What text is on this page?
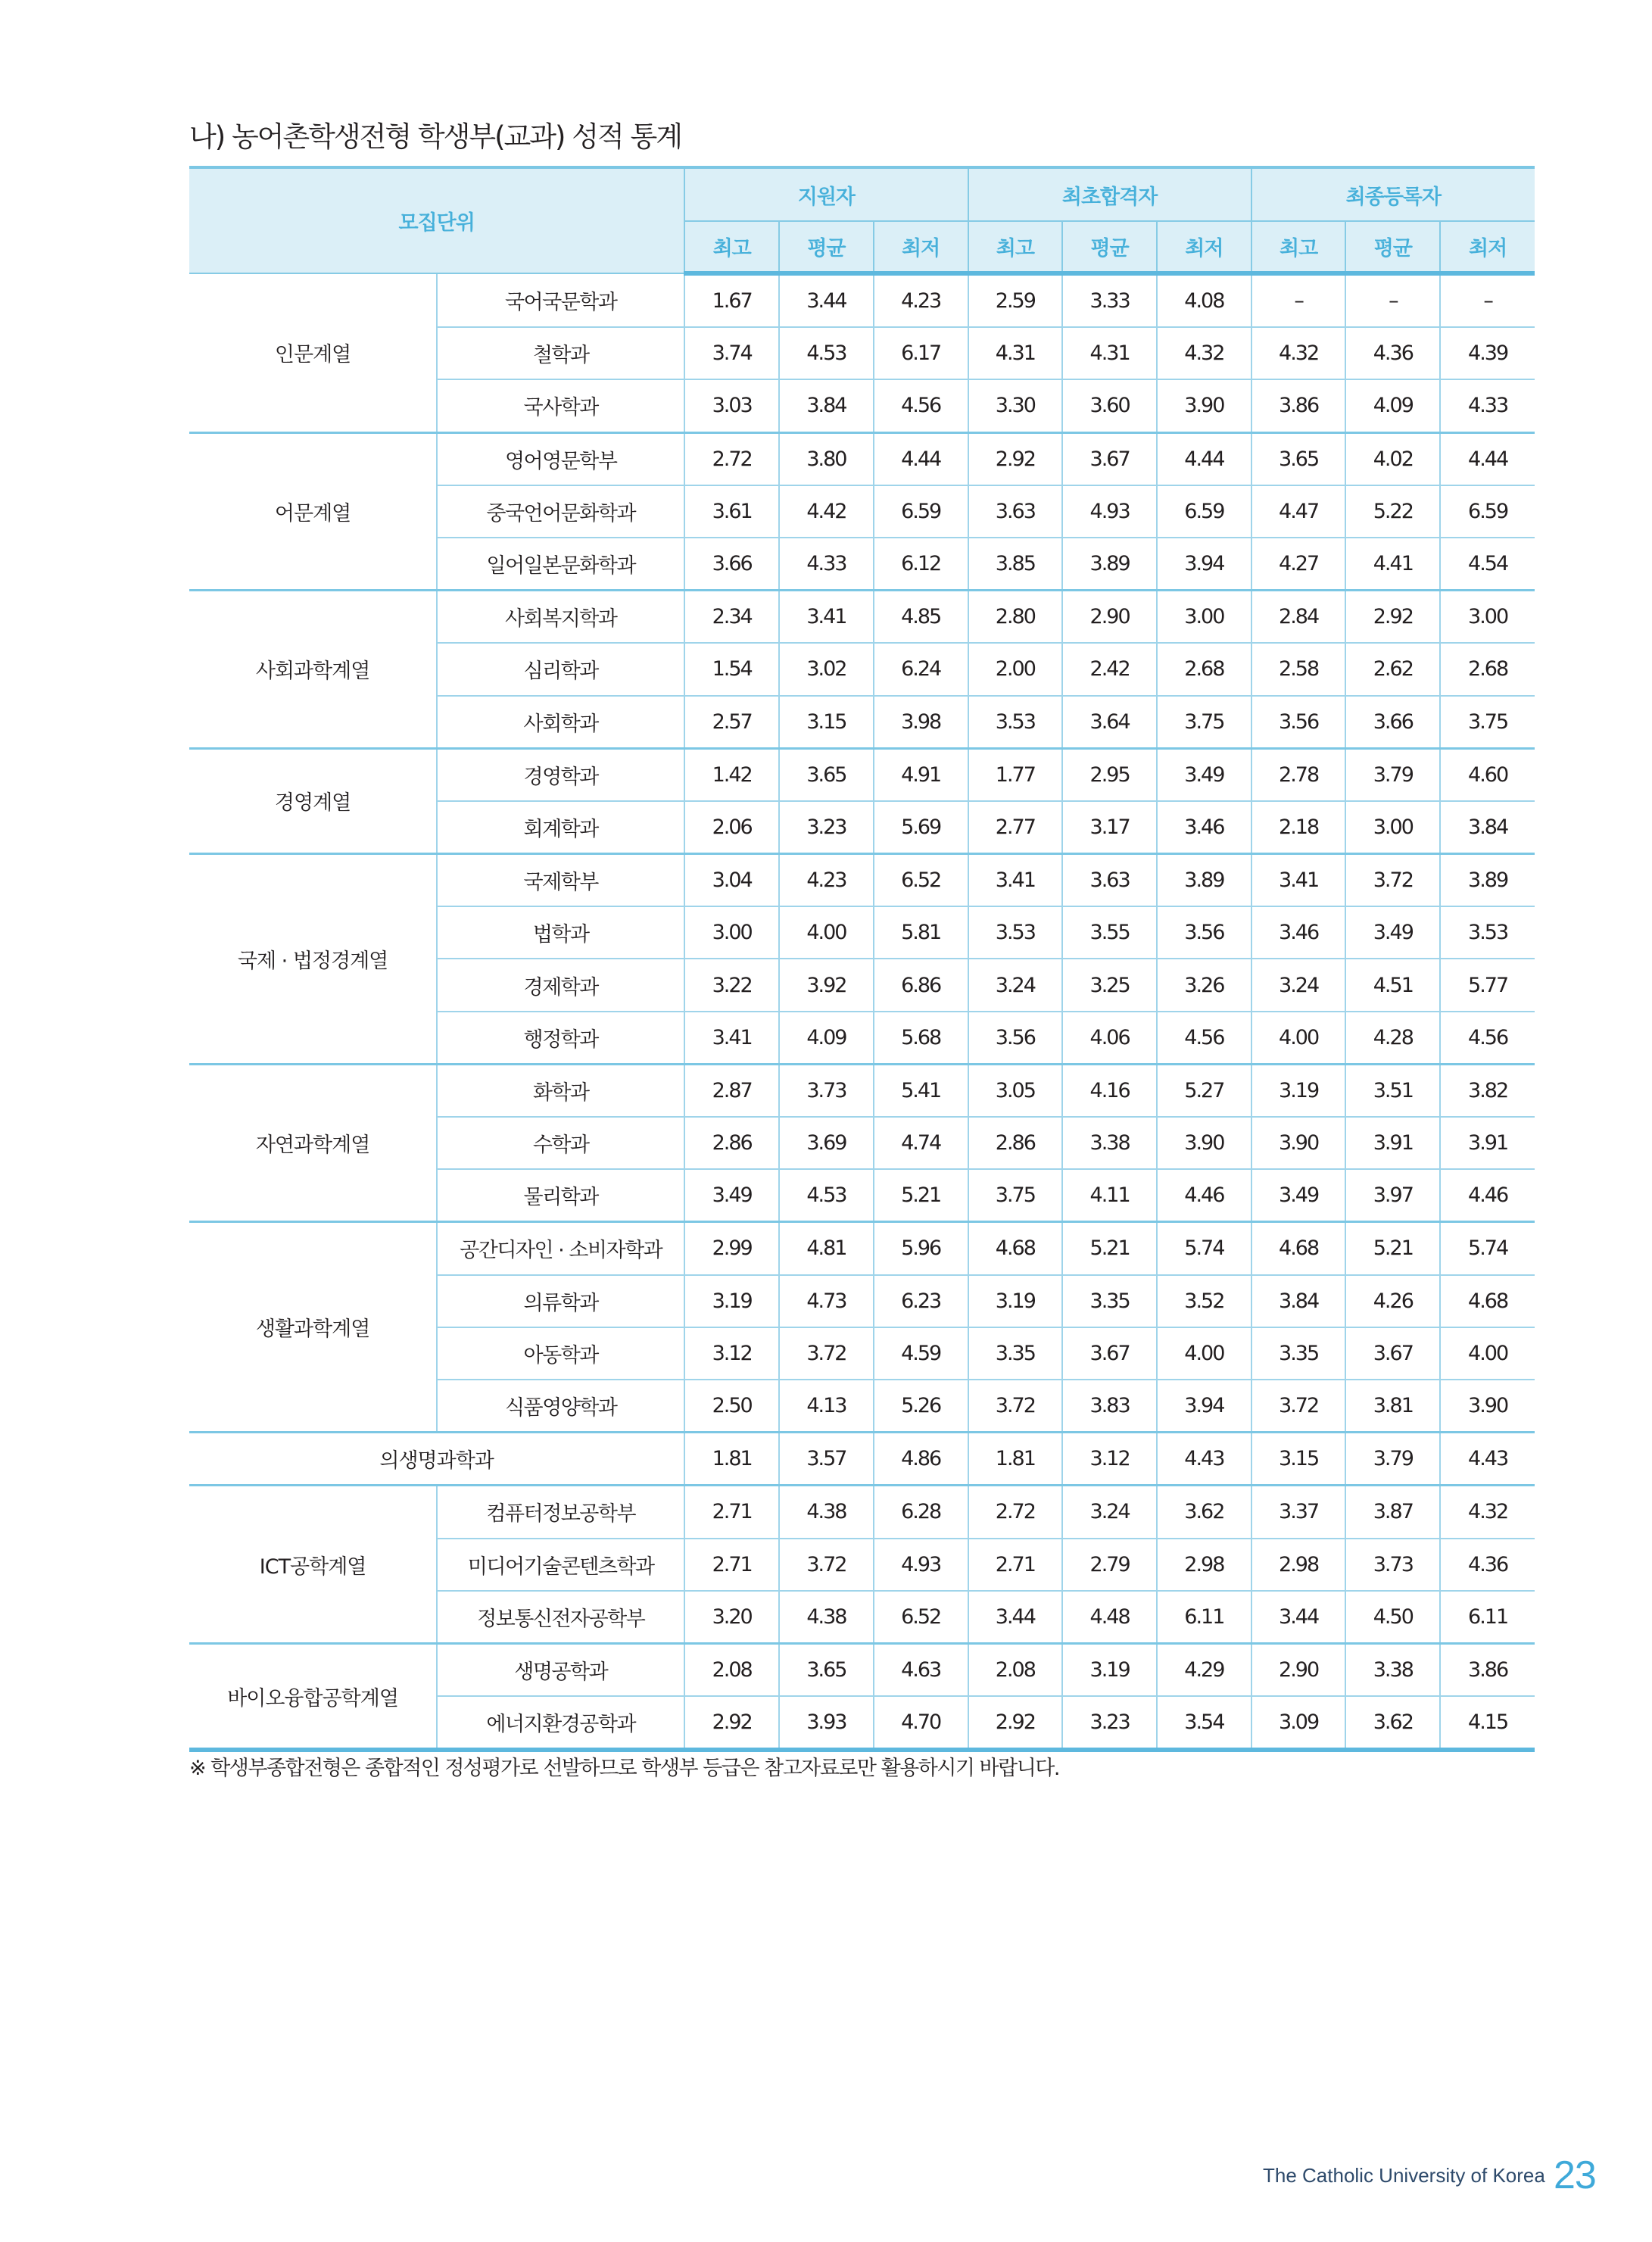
나) 농어촌학생전형 학생부(교과) 성적 통계
모집단위		지원자			최초합격자			최종등록자		
		최고	평균	최저	최고	평균	최저	최고	평균	최저
인문계열	국어국문학과	1.67	3.44	4.23	2.59	3.33	4.08	–	–	–
	철학과	3.74	4.53	6.17	4.31	4.31	4.32	4.32	4.36	4.39
	국사학과	3.03	3.84	4.56	3.30	3.60	3.90	3.86	4.09	4.33
어문계열	영어영문학부	2.72	3.80	4.44	2.92	3.67	4.44	3.65	4.02	4.44
	중국언어문화학과	3.61	4.42	6.59	3.63	4.93	6.59	4.47	5.22	6.59
	일어일본문화학과	3.66	4.33	6.12	3.85	3.89	3.94	4.27	4.41	4.54
사회과학계열	사회복지학과	2.34	3.41	4.85	2.80	2.90	3.00	2.84	2.92	3.00
	심리학과	1.54	3.02	6.24	2.00	2.42	2.68	2.58	2.62	2.68
	사회학과	2.57	3.15	3.98	3.53	3.64	3.75	3.56	3.66	3.75
경영계열	경영학과	1.42	3.65	4.91	1.77	2.95	3.49	2.78	3.79	4.60
	회계학과	2.06	3.23	5.69	2.77	3.17	3.46	2.18	3.00	3.84
국제 · 법정경계열	국제학부	3.04	4.23	6.52	3.41	3.63	3.89	3.41	3.72	3.89
	법학과	3.00	4.00	5.81	3.53	3.55	3.56	3.46	3.49	3.53
	경제학과	3.22	3.92	6.86	3.24	3.25	3.26	3.24	4.51	5.77
	행정학과	3.41	4.09	5.68	3.56	4.06	4.56	4.00	4.28	4.56
자연과학계열	화학과	2.87	3.73	5.41	3.05	4.16	5.27	3.19	3.51	3.82
	수학과	2.86	3.69	4.74	2.86	3.38	3.90	3.90	3.91	3.91
	물리학과	3.49	4.53	5.21	3.75	4.11	4.46	3.49	3.97	4.46
생활과학계열	공간디자인 · 소비자학과	2.99	4.81	5.96	4.68	5.21	5.74	4.68	5.21	5.74
	의류학과	3.19	4.73	6.23	3.19	3.35	3.52	3.84	4.26	4.68
	아동학과	3.12	3.72	4.59	3.35	3.67	4.00	3.35	3.67	4.00
	식품영양학과	2.50	4.13	5.26	3.72	3.83	3.94	3.72	3.81	3.90
의생명과학과		1.81	3.57	4.86	1.81	3.12	4.43	3.15	3.79	4.43
ICT공학계열	컴퓨터정보공학부	2.71	4.38	6.28	2.72	3.24	3.62	3.37	3.87	4.32
	미디어기술콘텐츠학과	2.71	3.72	4.93	2.71	2.79	2.98	2.98	3.73	4.36
	정보통신전자공학부	3.20	4.38	6.52	3.44	4.48	6.11	3.44	4.50	6.11
바이오융합공학계열	생명공학과	2.08	3.65	4.63	2.08	3.19	4.29	2.90	3.38	3.86
	에너지환경공학과	2.92	3.93	4.70	2.92	3.23	3.54	3.09	3.62	4.15
※ 학생부종합전형은 종합적인 정성평가로 선발하므로 학생부 등급은 참고자료로만 활용하시기 바랍니다.
The Catholic University of Korea 23
